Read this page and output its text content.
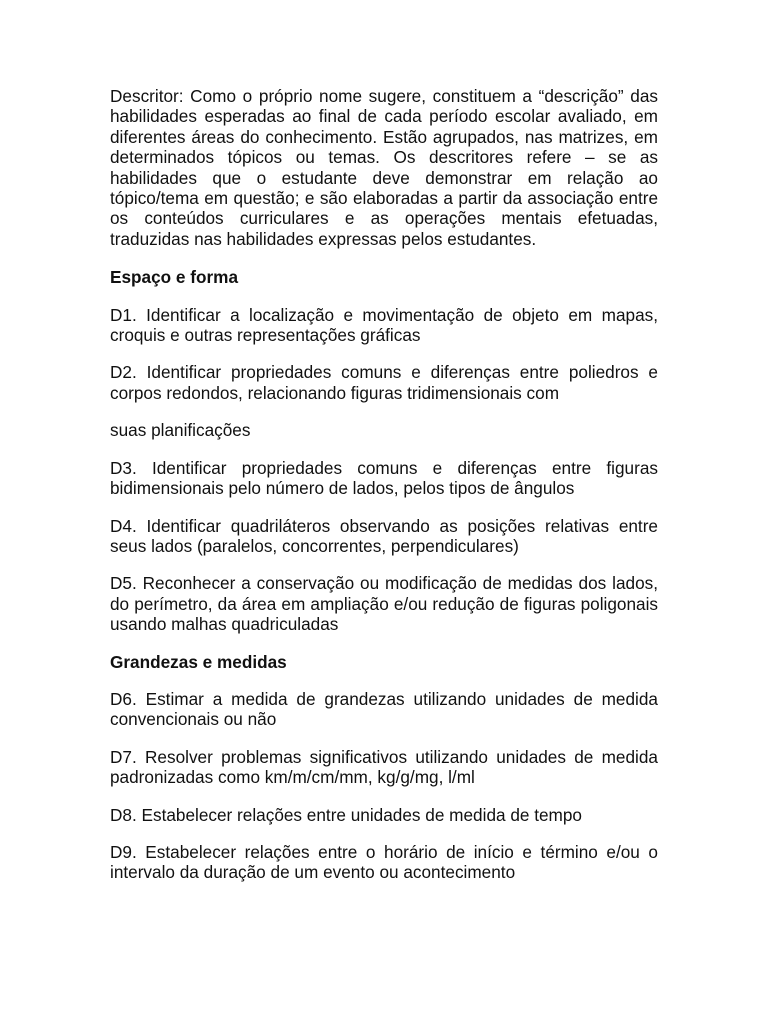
Descritor: Como o próprio nome sugere, constituem a “descrição” das habilidades esperadas ao final de cada período escolar avaliado, em diferentes áreas do conhecimento. Estão agrupados, nas matrizes, em determinados tópicos ou temas. Os descritores refere – se as habilidades que o estudante deve demonstrar em relação ao tópico/tema em questão; e são elaboradas a partir da associação entre os conteúdos curriculares e as operações mentais efetuadas, traduzidas nas habilidades expressas pelos estudantes.

Espaço e forma

D1. Identificar a localização e movimentação de objeto em mapas, croquis e outras representações gráficas

D2. Identificar propriedades comuns e diferenças entre poliedros e corpos redondos, relacionando figuras tridimensionais com

suas planificações

D3. Identificar propriedades comuns e diferenças entre figuras bidimensionais pelo número de lados, pelos tipos de ângulos

D4. Identificar quadriláteros observando as posições relativas entre seus lados (paralelos, concorrentes, perpendiculares)

D5. Reconhecer a conservação ou modificação de medidas dos lados, do perímetro, da área em ampliação e/ou redução de figuras poligonais usando malhas quadriculadas

Grandezas e medidas

D6. Estimar a medida de grandezas utilizando unidades de medida convencionais ou não

D7. Resolver problemas significativos utilizando unidades de medida padronizadas como km/m/cm/mm, kg/g/mg, l/ml

D8. Estabelecer relações entre unidades de medida de tempo

D9. Estabelecer relações entre o horário de início e término e/ou o intervalo da duração de um evento ou acontecimento
